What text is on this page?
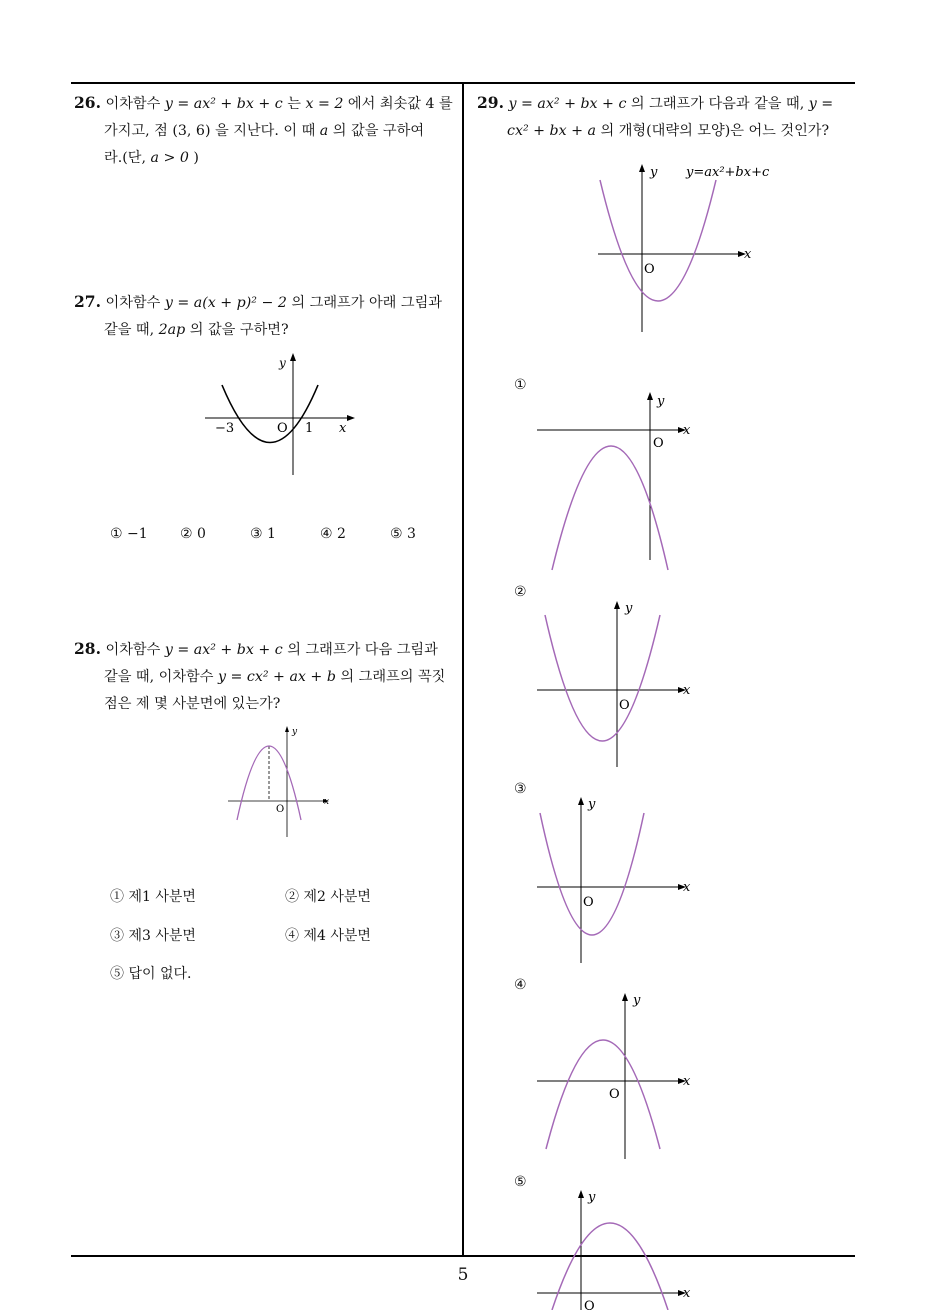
5
26. 이차함수 y = ax² + bx + c 는 x = 2 에서 최솟값 4 를
가지고, 점 (3, 6) 을 지난다. 이 때 a 의 값을 구하여
라.(단, a > 0 )
27. 이차함수 y = a(x + p)² − 2 의 그래프가 아래 그림과
같을 때, 2ap 의 값을 구하면?
y
x
O
−3	1
① −1 ② 0	③ 1	④ 2	⑤ 3
28. 이차함수 y = ax² + bx + c 의 그래프가 다음 그림과
같을 때, 이차함수 y = cx² + ax + b 의 그래프의 꼭짓
점은 제 몇 사분면에 있는가?
y
x
O
① 제1 사분면	② 제2 사분면
③ 제3 사분면	④ 제4 사분면
⑤ 답이 없다.
29. y = ax² + bx + c 의 그래프가 다음과 같을 때, y =
cx² + bx + a 의 개형(대략의 모양)은 어느 것인가?
y
x
O
y=ax²+bx+c
①
y
x
O
②
y
x
O
③
y
x
O
④
y
x
O
⑤
y
x
O
